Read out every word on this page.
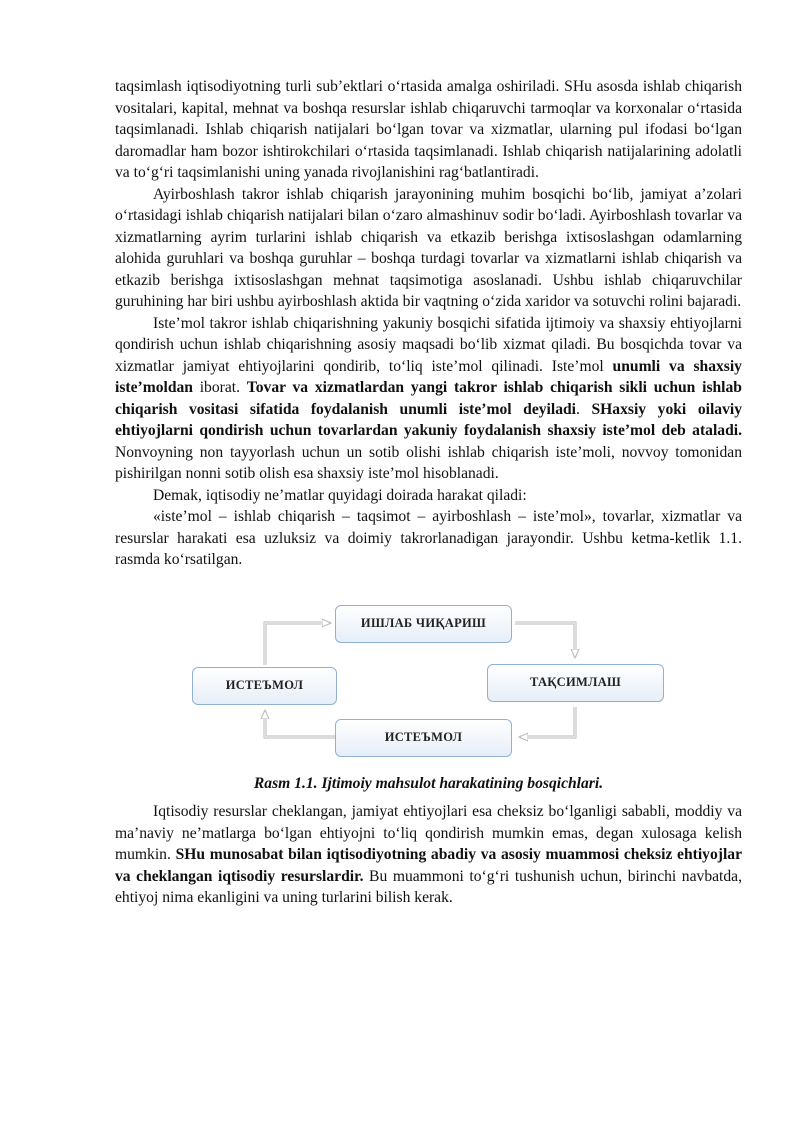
taqsimlash iqtisodiyotning turli sub’ektlari o‘rtasida amalga oshiriladi. SHu asosda ishlab chiqarish vositalari, kapital, mehnat va boshqa resurslar ishlab chiqaruvchi tarmoqlar va korxonalar o‘rtasida taqsimlanadi. Ishlab chiqarish natijalari bo‘lgan tovar va xizmatlar, ularning pul ifodasi bo‘lgan daromadlar ham bozor ishtirokchilari o‘rtasida taqsimlanadi. Ishlab chiqarish natijalarining adolatli va to‘g‘ri taqsimlanishi uning yanada rivojlanishini rag‘batlantiradi.

Ayirboshlash takror ishlab chiqarish jarayonining muhim bosqichi bo‘lib, jamiyat a’zolari o‘rtasidagi ishlab chiqarish natijalari bilan o‘zaro almashinuv sodir bo‘ladi. Ayirboshlash tovarlar va xizmatlarning ayrim turlarini ishlab chiqarish va etkazib berishga ixtisoslashgan odamlarning alohida guruhlari va boshqa guruhlar – boshqa turdagi tovarlar va xizmatlarni ishlab chiqarish va etkazib berishga ixtisoslashgan mehnat taqsimotiga asoslanadi. Ushbu ishlab chiqaruvchilar guruhining har biri ushbu ayirboshlash aktida bir vaqtning o‘zida xaridor va sotuvchi rolini bajaradi.

Iste’mol takror ishlab chiqarishning yakuniy bosqichi sifatida ijtimoiy va shaxsiy ehtiyojlarni qondirish uchun ishlab chiqarishning asosiy maqsadi bo‘lib xizmat qiladi. Bu bosqichda tovar va xizmatlar jamiyat ehtiyojlarini qondirib, to‘liq iste’mol qilinadi. Iste’mol unumli va shaxsiy iste’moldan iborat. Tovar va xizmatlardan yangi takror ishlab chiqarish sikli uchun ishlab chiqarish vositasi sifatida foydalanish unumli iste’mol deyiladi. SHaxsiy yoki oilaviy ehtiyojlarni qondirish uchun tovarlardan yakuniy foydalanish shaxsiy iste’mol deb ataladi. Nonvoyning non tayyorlash uchun un sotib olishi ishlab chiqarish iste’moli, novvoy tomonidan pishirilgan nonni sotib olish esa shaxsiy iste’mol hisoblanadi.

Demak, iqtisodiy ne’matlar quyidagi doirada harakat qiladi:

«iste’mol – ishlab chiqarish – taqsimot – ayirboshlash – iste’mol», tovarlar, xizmatlar va resurslar harakati esa uzluksiz va doimiy takrorlanadigan jarayondir. Ushbu ketma-ketlik 1.1. rasmda ko‘rsatilgan.

ИШЛАБ ЧИҚАРИШ
ТАҚСИМЛАШ
ИСТЕЪМОЛ
ИСТЕЪМОЛ

Rasm 1.1. Ijtimoiy mahsulot harakatining bosqichlari.

Iqtisodiy resurslar cheklangan, jamiyat ehtiyojlari esa cheksiz bo‘lganligi sababli, moddiy va ma’naviy ne’matlarga bo‘lgan ehtiyojni to‘liq qondirish mumkin emas, degan xulosaga kelish mumkin. SHu munosabat bilan iqtisodiyotning abadiy va asosiy muammosi cheksiz ehtiyojlar va cheklangan iqtisodiy resurslardir. Bu muammoni to‘g‘ri tushunish uchun, birinchi navbatda, ehtiyoj nima ekanligini va uning turlarini bilish kerak.
